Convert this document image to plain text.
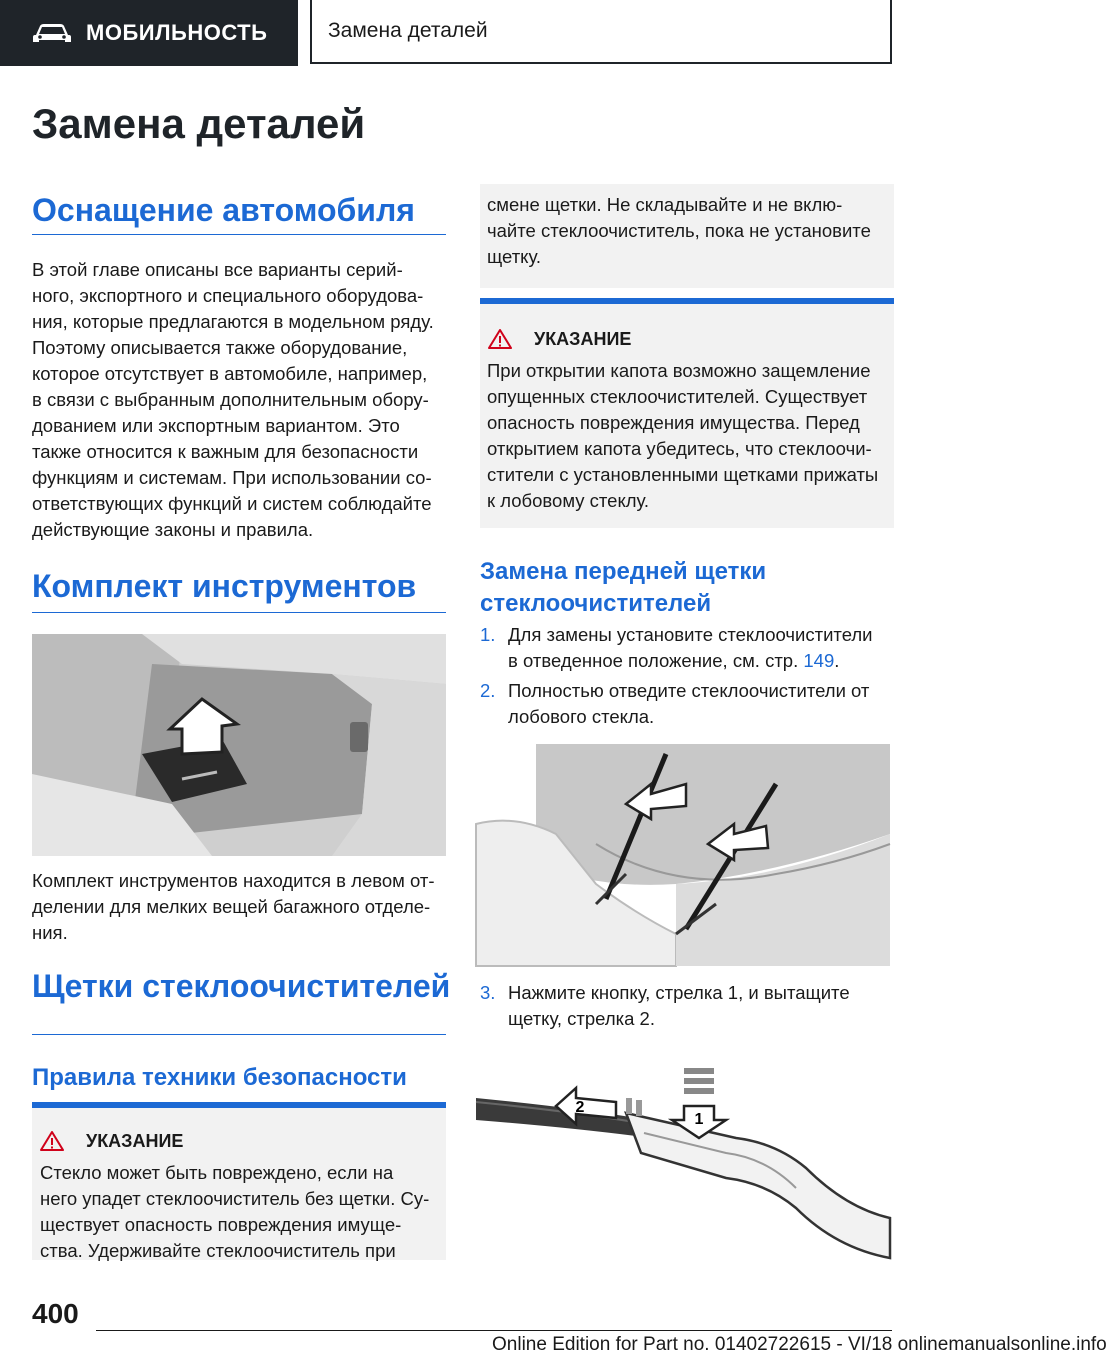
МОБИЛЬНОСТЬ	Замена деталей
Замена деталей
Оснащение автомобиля
В этой главе описаны все варианты серий-
ного, экспортного и специального оборудова-
ния, которые предлагаются в модельном ряду.
Поэтому описывается также оборудование,
которое отсутствует в автомобиле, например,
в связи с выбранным дополнительным обору-
дованием или экспортным вариантом. Это
также относится к важным для безопасности
функциям и системам. При использовании со-
ответствующих функций и систем соблюдайте
действующие законы и правила.
Комплект инструментов
Комплект инструментов находится в левом от-
делении для мелких вещей багажного отделе-
ния.
Щетки стеклоочистителей
Правила техники безопасности
УКАЗАНИЕ
Стекло может быть повреждено, если на
него упадет стеклоочиститель без щетки. Су-
ществует опасность повреждения имуще-
ства. Удерживайте стеклоочиститель при
смене щетки. Не складывайте и не вклю-
чайте стеклоочиститель, пока не установите
щетку.
УКАЗАНИЕ
При открытии капота возможно защемление
опущенных стеклоочистителей. Существует
опасность повреждения имущества. Перед
открытием капота убедитесь, что стеклоочи-
стители с установленными щетками прижаты
к лобовому стеклу.
Замена передней щетки
стеклоочистителей
1. Для замены установите стеклоочистители
в отведенное положение, см. стр. 149.
2. Полностью отведите стеклоочистители от
лобового стекла.
3. Нажмите кнопку, стрелка 1, и вытащите
щетку, стрелка 2.
1
2
400
Online Edition for Part no. 01402722615 - VI/18 onlinemanualsonline.info
